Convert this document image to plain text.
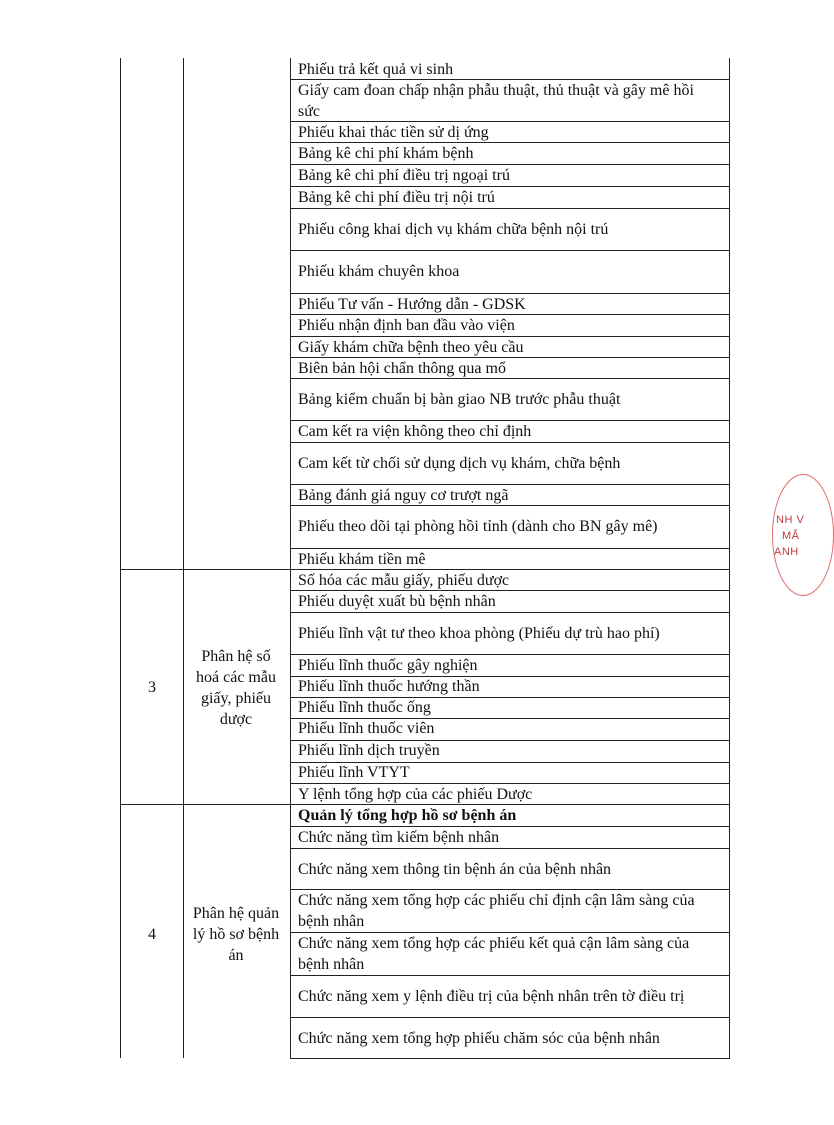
Phiếu trả kết quả vi sinh
Giấy cam đoan chấp nhận phẫu thuật, thủ thuật và gây mê hồi sức
Phiếu khai thác tiền sử dị ứng
Bảng kê chi phí khám bệnh
Bảng kê chi phí điều trị ngoại trú
Bảng kê chi phí điều trị nội trú
Phiếu công khai dịch vụ khám chữa bệnh nội trú
Phiếu khám chuyên khoa
Phiếu Tư vấn - Hướng dẫn - GDSK
Phiếu nhận định ban đầu vào viện
Giấy khám chữa bệnh theo yêu cầu
Biên bản hội chẩn thông qua mổ
Bảng kiểm chuẩn bị bàn giao NB trước phẫu thuật
Cam kết ra viện không theo chỉ định
Cam kết từ chối sử dụng dịch vụ khám, chữa bệnh
Bảng đánh giá nguy cơ trượt ngã
Phiếu theo dõi tại phòng hồi tỉnh (dành cho BN gây mê)
Phiếu khám tiền mê
Số hóa các mẫu giấy, phiếu dược
Phiếu duyệt xuất bù bệnh nhân
Phiếu lĩnh vật tư theo khoa phòng (Phiếu dự trù hao phí)
Phiếu lĩnh thuốc gây nghiện
Phiếu lĩnh thuốc hướng thần
Phiếu lĩnh thuốc ống
Phiếu lĩnh thuốc viên
Phiếu lĩnh dịch truyền
Phiếu lĩnh VTYT
Y lệnh tổng hợp của các phiếu Dược
3
Phân hệ số hoá các mẫu giấy, phiếu dược
Quản lý tổng hợp hồ sơ bệnh án
Chức năng tìm kiếm bệnh nhân
Chức năng xem thông tin bệnh án của bệnh nhân
Chức năng xem tổng hợp các phiếu chỉ định cận lâm sàng của bệnh nhân
Chức năng xem tổng hợp các phiếu kết quả cận lâm sàng của bệnh nhân
Chức năng xem y lệnh điều trị của bệnh nhân trên tờ điều trị
Chức năng xem tổng hợp phiếu chăm sóc của bệnh nhân
4
Phân hệ quản lý hồ sơ bệnh án
NH V
MẮ
ANH
